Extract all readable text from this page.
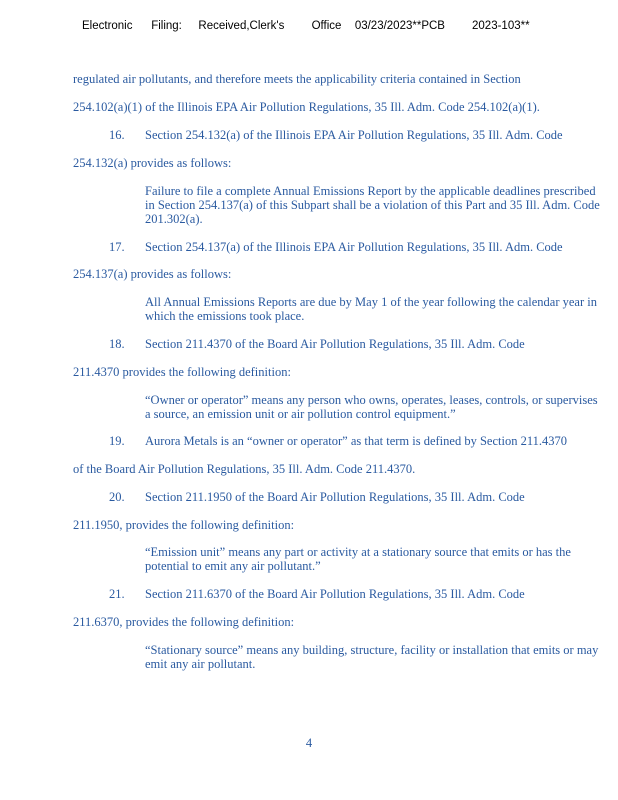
Electronic Filing: Received,Clerk's Office 03/23/2023**PCB 2023-103**
regulated air pollutants, and therefore meets the applicability criteria contained in Section
254.102(a)(1) of the Illinois EPA Air Pollution Regulations, 35 Ill. Adm. Code 254.102(a)(1).
16. Section 254.132(a) of the Illinois EPA Air Pollution Regulations, 35 Ill. Adm. Code
254.132(a) provides as follows:
Failure to file a complete Annual Emissions Report by the applicable deadlines prescribed in Section 254.137(a) of this Subpart shall be a violation of this Part and 35 Ill. Adm. Code 201.302(a).
17. Section 254.137(a) of the Illinois EPA Air Pollution Regulations, 35 Ill. Adm. Code
254.137(a) provides as follows:
All Annual Emissions Reports are due by May 1 of the year following the calendar year in which the emissions took place.
18. Section 211.4370 of the Board Air Pollution Regulations, 35 Ill. Adm. Code
211.4370 provides the following definition:
“Owner or operator” means any person who owns, operates, leases, controls, or supervises a source, an emission unit or air pollution control equipment.”
19. Aurora Metals is an “owner or operator” as that term is defined by Section 211.4370
of the Board Air Pollution Regulations, 35 Ill. Adm. Code 211.4370.
20. Section 211.1950 of the Board Air Pollution Regulations, 35 Ill. Adm. Code
211.1950, provides the following definition:
“Emission unit” means any part or activity at a stationary source that emits or has the potential to emit any air pollutant.”
21. Section 211.6370 of the Board Air Pollution Regulations, 35 Ill. Adm. Code
211.6370, provides the following definition:
“Stationary source” means any building, structure, facility or installation that emits or may emit any air pollutant.
4
